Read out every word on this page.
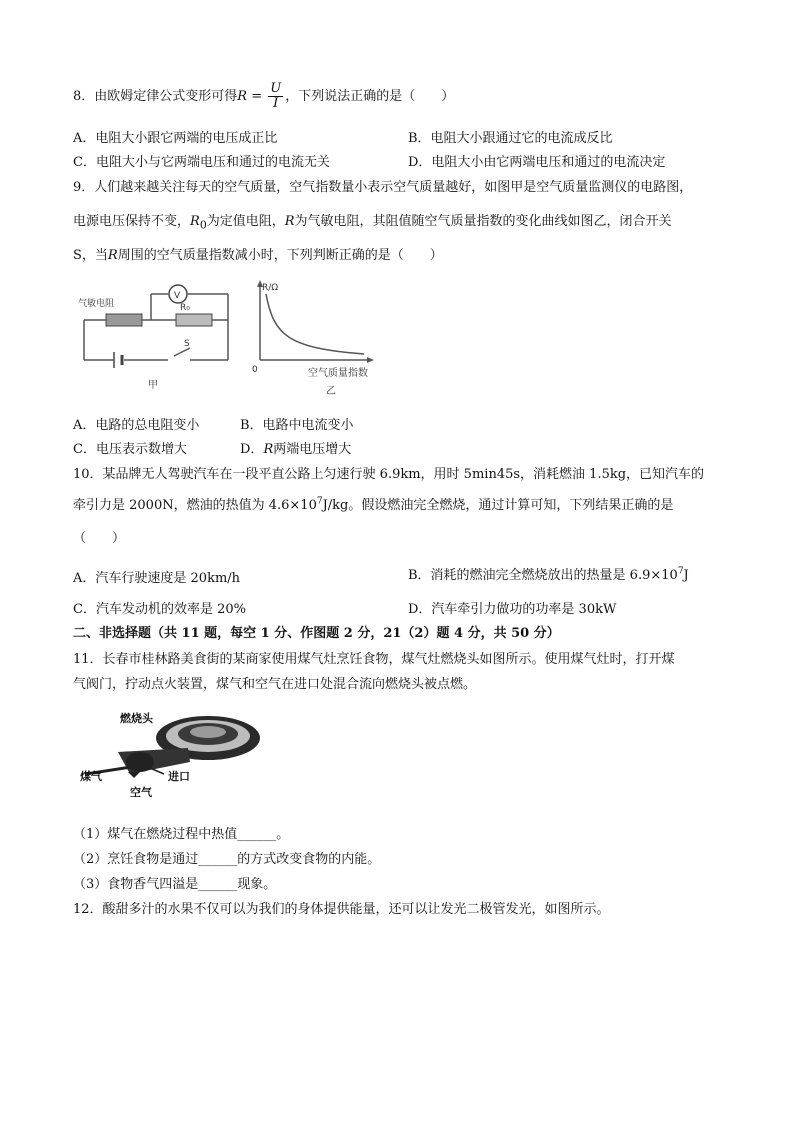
8．由欧姆定律公式变形可得$R = \frac{U}{I}$ ，下列说法正确的是（　　）
A．电阻大小跟它两端的电压成正比	B．电阻大小跟通过它的电流成反比
C．电阻大小与它两端电压和通过的电流无关	D．电阻大小由它两端电压和通过的电流决定
9．人们越来越关注每天的空气质量，空气指数量小表示空气质量越好，如图甲是空气质量监测仪的电路图，
电源电压保持不变，$R_0$为定值电阻，R为气敏电阻，其阻值随空气质量指数的变化曲线如图乙，闭合开关
S，当R周围的空气质量指数减小时，下列判断正确的是（　　）
气敏电阻
V
R₀
S
甲
R/Ω
0	空气质量指数
乙
A．电路的总电阻变小	B．电路中电流变小
C．电压表示数增大	D．R两端电压增大
10．某品牌无人驾驶汽车在一段平直公路上匀速行驶 6.9km，用时 5min45s，消耗燃油 1.5kg，已知汽车的
牵引力是 2000N，燃油的热值为 $4.6\times 10^7J/kg$。假设燃油完全燃烧，通过计算可知，下列结果正确的是
（　　）
A．汽车行驶速度是 20km/h	B．消耗的燃油完全燃烧放出的热量是 $6.9\times 10^7J$
C．汽车发动机的效率是 20%	D．汽车牵引力做功的功率是 30kW
二、非选择题（共 11 题，每空 1 分、作图题 2 分，21（2）题 4 分，共 50 分）
11．长春市桂林路美食街的某商家使用煤气灶烹饪食物，煤气灶燃烧头如图所示。使用煤气灶时，打开煤
气阀门，拧动点火装置，煤气和空气在进口处混合流向燃烧头被点燃。
燃烧头
煤气	进口
空气
（1）煤气在燃烧过程中热值______。
（2）烹饪食物是通过______的方式改变食物的内能。
（3）食物香气四溢是______现象。
12．酸甜多汁的水果不仅可以为我们的身体提供能量，还可以让发光二极管发光，如图所示。
